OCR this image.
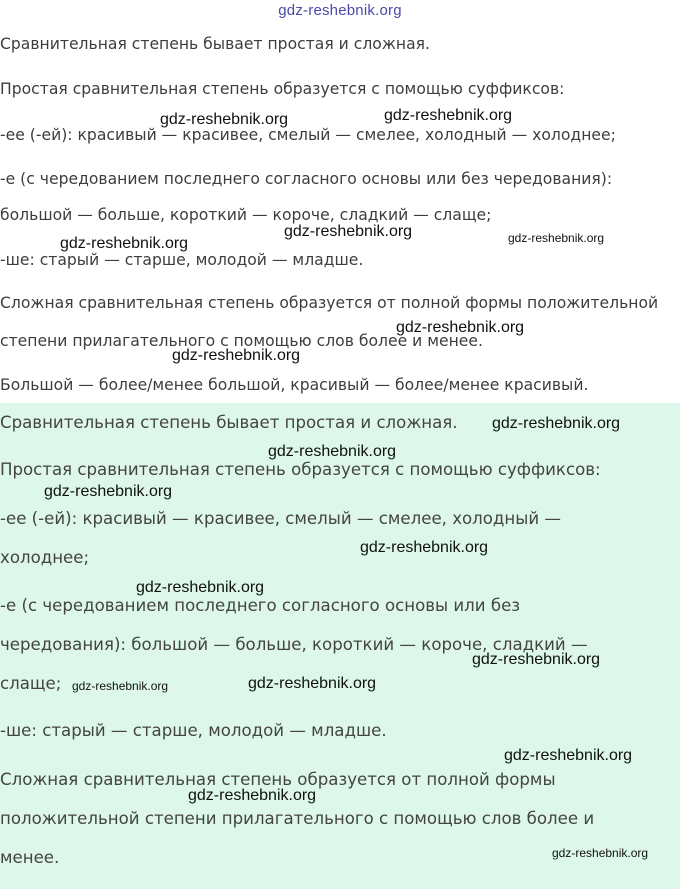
gdz-reshebnik.org

Сравнительная степень бывает простая и сложная.

Простая сравнительная степень образуется с помощью суффиксов:

-ее (-ей): красивый — красивее, смелый — смелее, холодный — холоднее;

-е (с чередованием последнего согласного основы или без чередования):

большой — больше, короткий — короче, сладкий — слаще;

-ше: старый — старше, молодой — младше.

Сложная сравнительная степень образуется от полной формы положительной

степени прилагательного с помощью слов более и менее.

Большой — более/менее большой, красивый — более/менее красивый.

Сравнительная степень бывает простая и сложная.

Простая сравнительная степень образуется с помощью суффиксов:

-ее (-ей): красивый — красивее, смелый — смелее, холодный —

холоднее;

-е (с чередованием последнего согласного основы или без

чередования): большой — больше, короткий — короче, сладкий —

слаще;

-ше: старый — старше, молодой — младше.

Сложная сравнительная степень образуется от полной формы

положительной степени прилагательного с помощью слов более и

менее.

gdz-reshebnik.org	gdz-reshebnik.org
gdz-reshebnik.org
gdz-reshebnik.org	gdz-reshebnik.org
gdz-reshebnik.org
gdz-reshebnik.org
gdz-reshebnik.org
gdz-reshebnik.org
gdz-reshebnik.org
gdz-reshebnik.org
gdz-reshebnik.org
gdz-reshebnik.org
gdz-reshebnik.org	gdz-reshebnik.org
gdz-reshebnik.org
gdz-reshebnik.org
gdz-reshebnik.org
